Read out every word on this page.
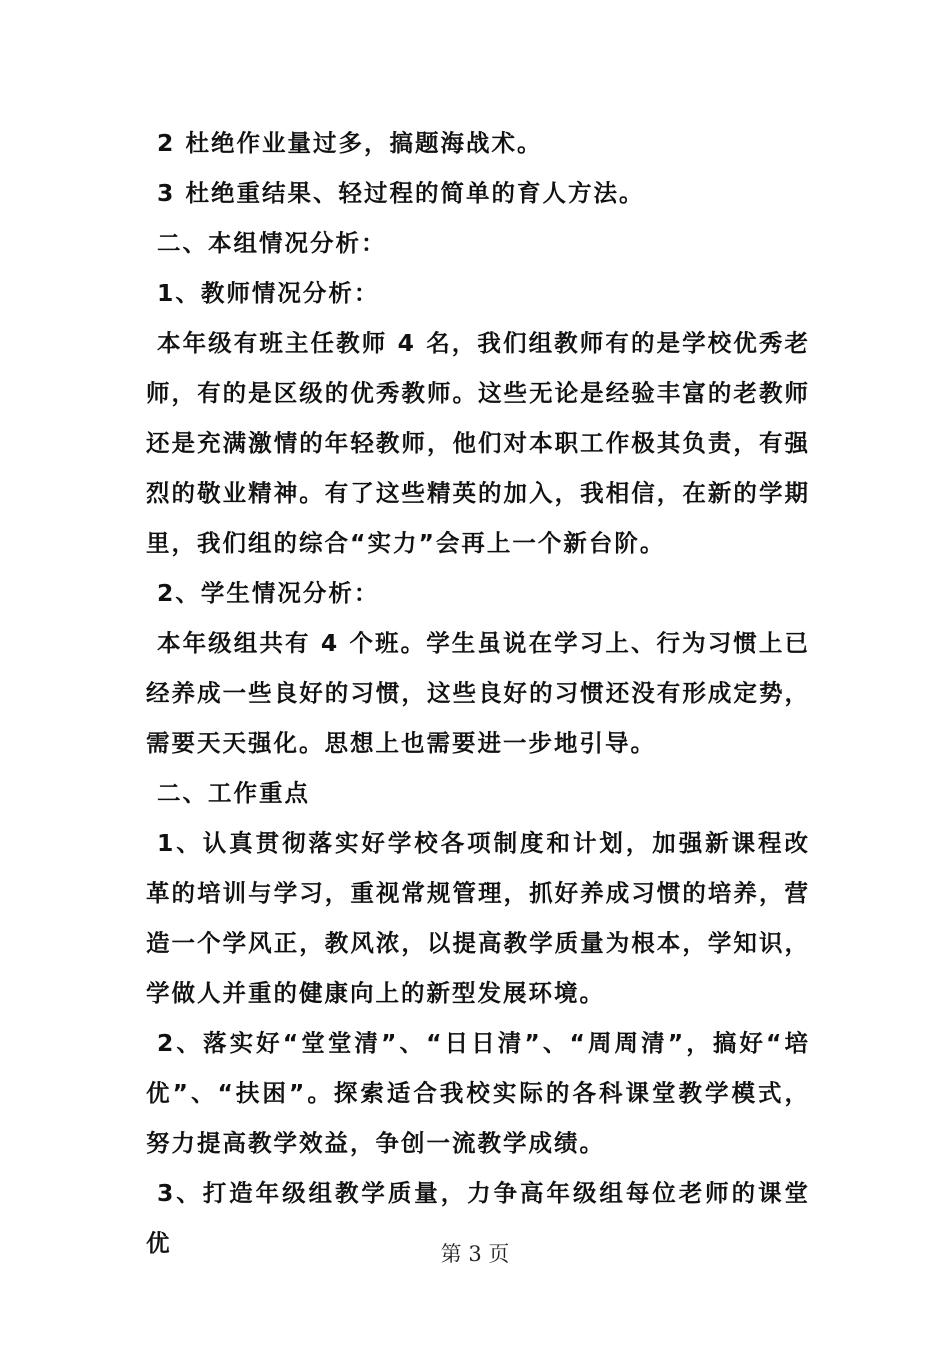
2 杜绝作业量过多，搞题海战术。

3 杜绝重结果、轻过程的简单的育人方法。

二、本组情况分析：

1、教师情况分析：

本年级有班主任教师 4 名，我们组教师有的是学校优秀老师，有的是区级的优秀教师。这些无论是经验丰富的老教师还是充满激情的年轻教师，他们对本职工作极其负责，有强烈的敬业精神。有了这些精英的加入，我相信，在新的学期里，我们组的综合“实力”会再上一个新台阶。

2、学生情况分析：

本年级组共有 4 个班。学生虽说在学习上、行为习惯上已经养成一些良好的习惯，这些良好的习惯还没有形成定势，需要天天强化。思想上也需要进一步地引导。

二、工作重点

1、认真贯彻落实好学校各项制度和计划，加强新课程改革的培训与学习，重视常规管理，抓好养成习惯的培养，营造一个学风正，教风浓，以提高教学质量为根本，学知识，学做人并重的健康向上的新型发展环境。

2、落实好“堂堂清”、“日日清”、“周周清”，搞好“培优”、“扶困”。探索适合我校实际的各科课堂教学模式，努力提高教学效益，争创一流教学成绩。

3、打造年级组教学质量，力争高年级组每位老师的课堂优	第 3 页
